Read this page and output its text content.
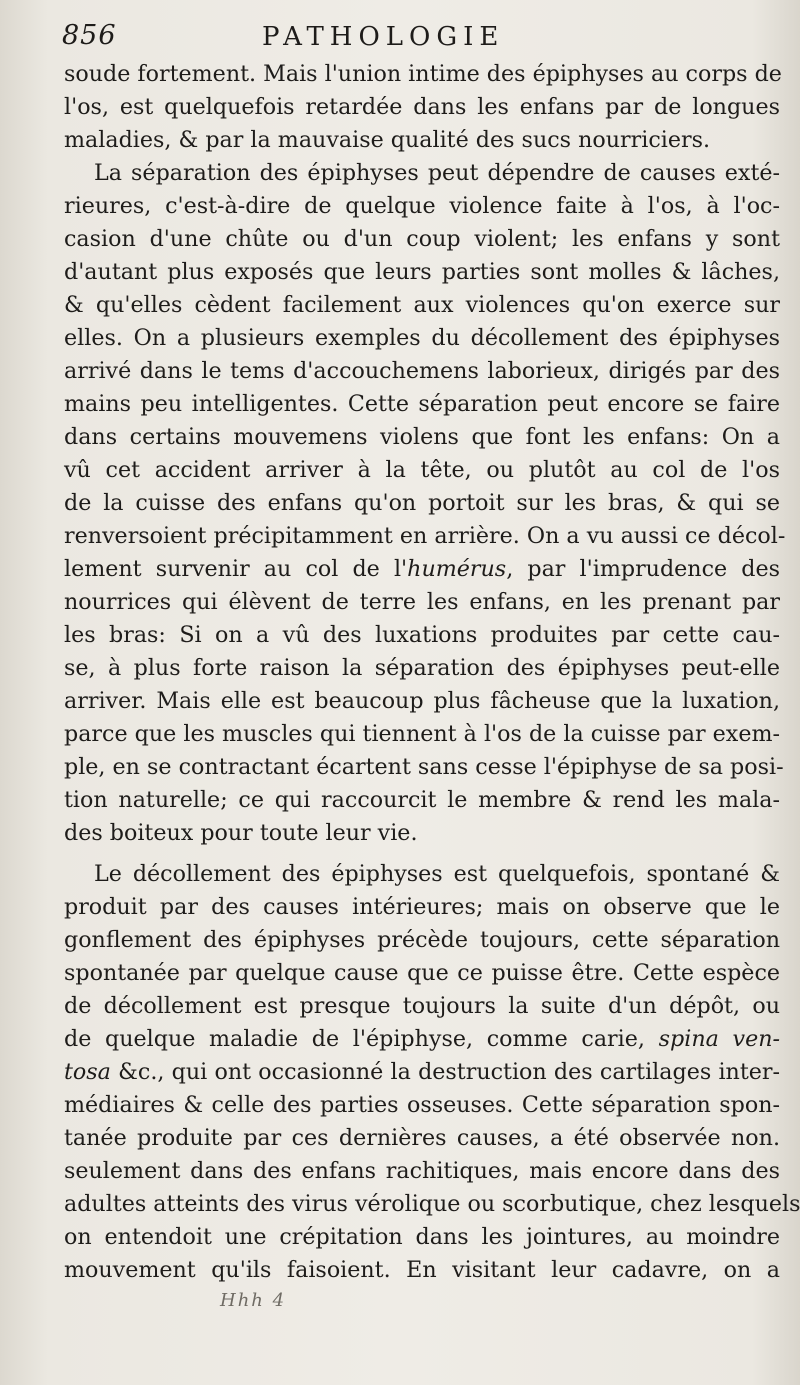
856	PATHOLOGIE
soude fortement. Mais l'union intime des épiphyses au corps de
l'os, est quelquefois retardée dans les enfans par de longues
maladies, & par la mauvaise qualité des sucs nourriciers.
La séparation des épiphyses peut dépendre de causes exté-
rieures, c'est-à-dire de quelque violence faite à l'os, à l'oc-
casion d'une chûte ou d'un coup violent; les enfans y sont
d'autant plus exposés que leurs parties sont molles & lâches,
& qu'elles cèdent facilement aux violences qu'on exerce sur
elles. On a plusieurs exemples du décollement des épiphyses
arrivé dans le tems d'accouchemens laborieux, dirigés par des
mains peu intelligentes. Cette séparation peut encore se faire
dans certains mouvemens violens que font les enfans: On a
vû cet accident arriver à la tête, ou plutôt au col de l'os
de la cuisse des enfans qu'on portoit sur les bras, & qui se
renversoient précipitamment en arrière. On a vu aussi ce décol-
lement survenir au col de l'humérus, par l'imprudence des
nourrices qui élèvent de terre les enfans, en les prenant par
les bras: Si on a vû des luxations produites par cette cau-
se, à plus forte raison la séparation des épiphyses peut-elle
arriver. Mais elle est beaucoup plus fâcheuse que la luxation,
parce que les muscles qui tiennent à l'os de la cuisse par exem-
ple, en se contractant écartent sans cesse l'épiphyse de sa posi-
tion naturelle; ce qui raccourcit le membre & rend les mala-
des boiteux pour toute leur vie.
Le décollement des épiphyses est quelquefois, spontané &
produit par des causes intérieures; mais on observe que le
gonflement des épiphyses précède toujours, cette séparation
spontanée par quelque cause que ce puisse être. Cette espèce
de décollement est presque toujours la suite d'un dépôt, ou
de quelque maladie de l'épiphyse, comme carie, spina ven-
tosa &c., qui ont occasionné la destruction des cartilages inter-
médiaires & celle des parties osseuses. Cette séparation spon-
tanée produite par ces dernières causes, a été observée non.
seulement dans des enfans rachitiques, mais encore dans des
adultes atteints des virus vérolique ou scorbutique, chez lesquels
on entendoit une crépitation dans les jointures, au moindre
mouvement qu'ils faisoient. En visitant leur cadavre, on a
Hhh 4
